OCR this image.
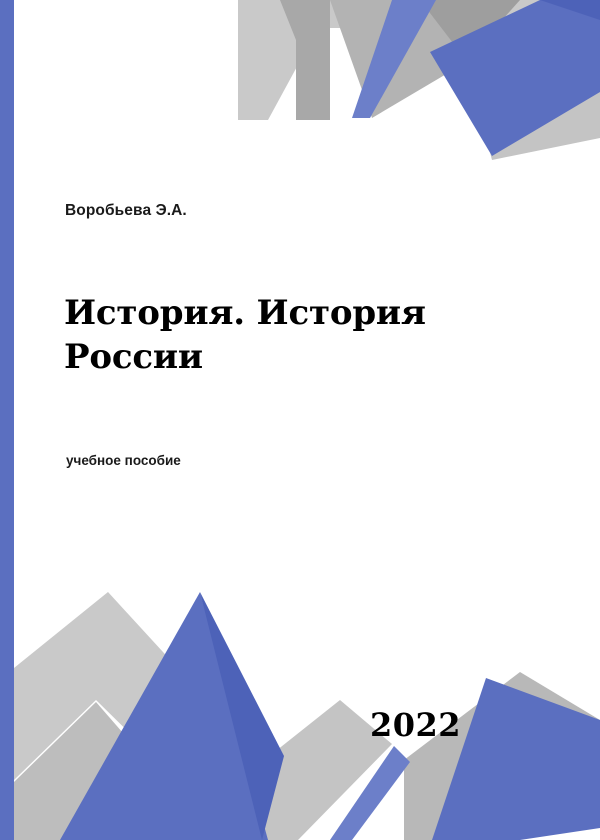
Воробьева Э.А.
История. История России
учебное пособие
2022
